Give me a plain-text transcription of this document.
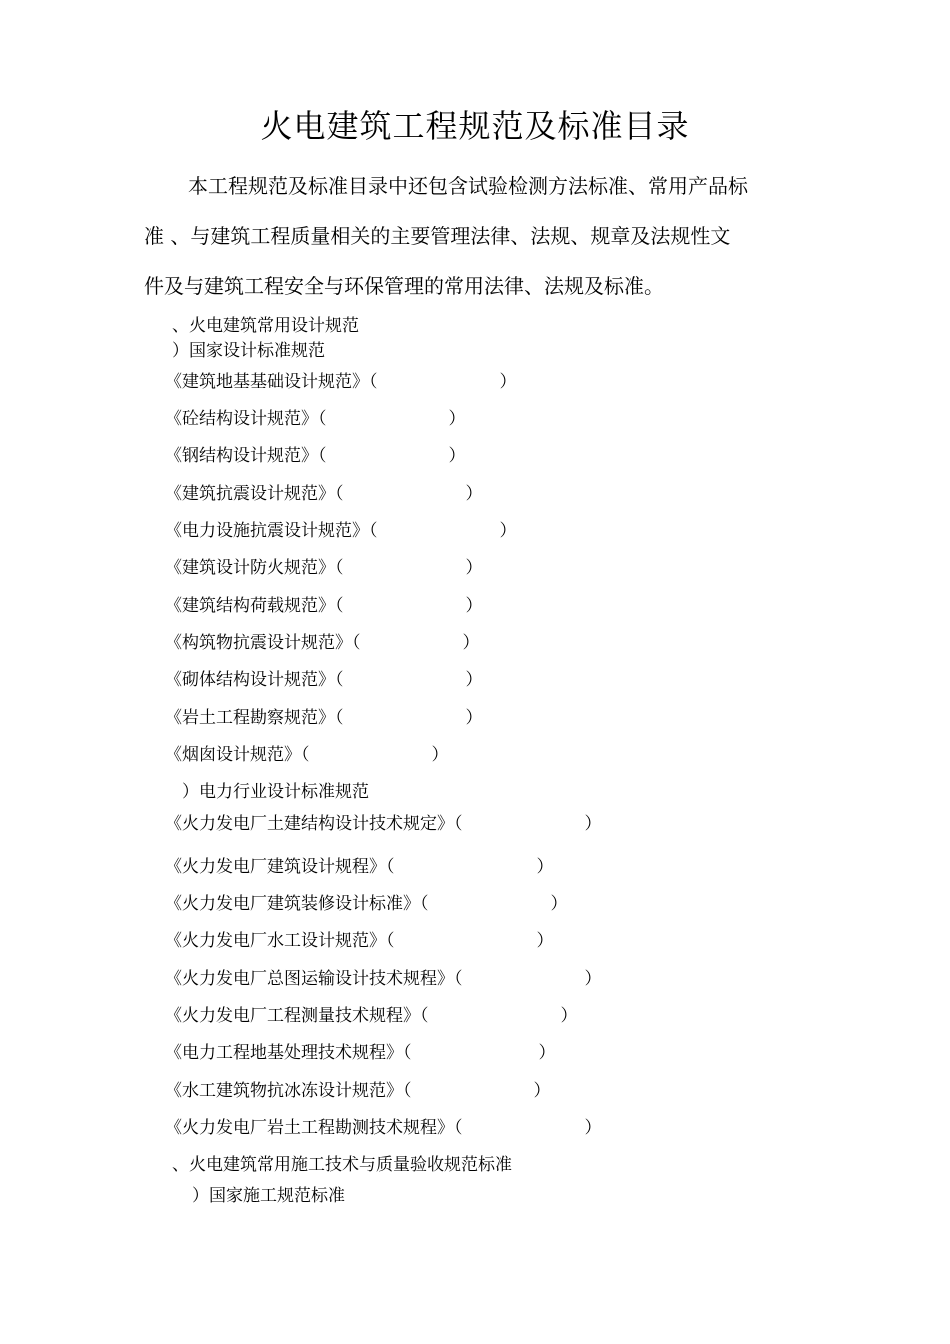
火电建筑工程规范及标准目录
本工程规范及标准目录中还包含试验检测方法标准、常用产品标
准 、与建筑工程质量相关的主要管理法律、法规、规章及法规性文
件及与建筑工程安全与环保管理的常用法律、法规及标准。
、火电建筑常用设计规范
）国家设计标准规范
《建筑地基基础设计规范》（	）
《砼结构设计规范》（	）
《钢结构设计规范》（	）
《建筑抗震设计规范》（	）
《电力设施抗震设计规范》（	）
《建筑设计防火规范》（	）
《建筑结构荷载规范》（	）
《构筑物抗震设计规范》（	）
《砌体结构设计规范》（	）
《岩土工程勘察规范》（	）
《烟囱设计规范》（	）
）电力行业设计标准规范
《火力发电厂土建结构设计技术规定》（	）
《火力发电厂建筑设计规程》（	）
《火力发电厂建筑装修设计标准》（	）
《火力发电厂水工设计规范》（	）
《火力发电厂总图运输设计技术规程》（	）
《火力发电厂工程测量技术规程》（	）
《电力工程地基处理技术规程》（	）
《水工建筑物抗冰冻设计规范》（	）
《火力发电厂岩土工程勘测技术规程》（	）
、火电建筑常用施工技术与质量验收规范标准
）国家施工规范标准
